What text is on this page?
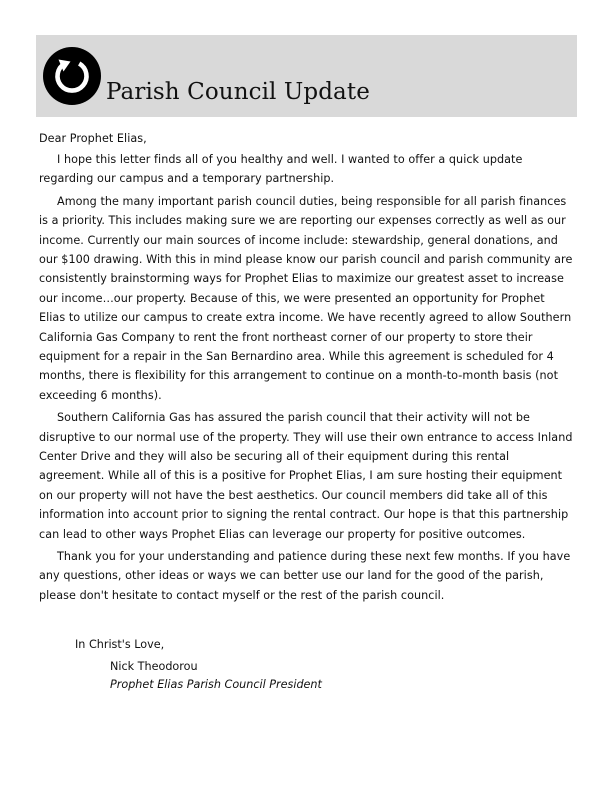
Parish Council Update

Dear Prophet Elias,

I hope this letter finds all of you healthy and well. I wanted to offer a quick update regarding our campus and a temporary partnership.

Among the many important parish council duties, being responsible for all parish finances is a priority. This includes making sure we are reporting our expenses correctly as well as our income. Currently our main sources of income include: stewardship, general donations, and our $100 drawing. With this in mind please know our parish council and parish community are consistently brainstorming ways for Prophet Elias to maximize our greatest asset to increase our income…our property. Because of this, we were presented an opportunity for Prophet Elias to utilize our campus to create extra income. We have recently agreed to allow Southern California Gas Company to rent the front northeast corner of our property to store their equipment for a repair in the San Bernardino area. While this agreement is scheduled for 4 months, there is flexibility for this arrangement to continue on a month-to-month basis (not exceeding 6 months).

Southern California Gas has assured the parish council that their activity will not be disruptive to our normal use of the property. They will use their own entrance to access Inland Center Drive and they will also be securing all of their equipment during this rental agreement. While all of this is a positive for Prophet Elias, I am sure hosting their equipment on our property will not have the best aesthetics. Our council members did take all of this information into account prior to signing the rental contract. Our hope is that this partnership can lead to other ways Prophet Elias can leverage our property for positive outcomes.

Thank you for your understanding and patience during these next few months. If you have any questions, other ideas or ways we can better use our land for the good of the parish, please don't hesitate to contact myself or the rest of the parish council.

In Christ's Love,
Nick Theodorou
Prophet Elias Parish Council President
